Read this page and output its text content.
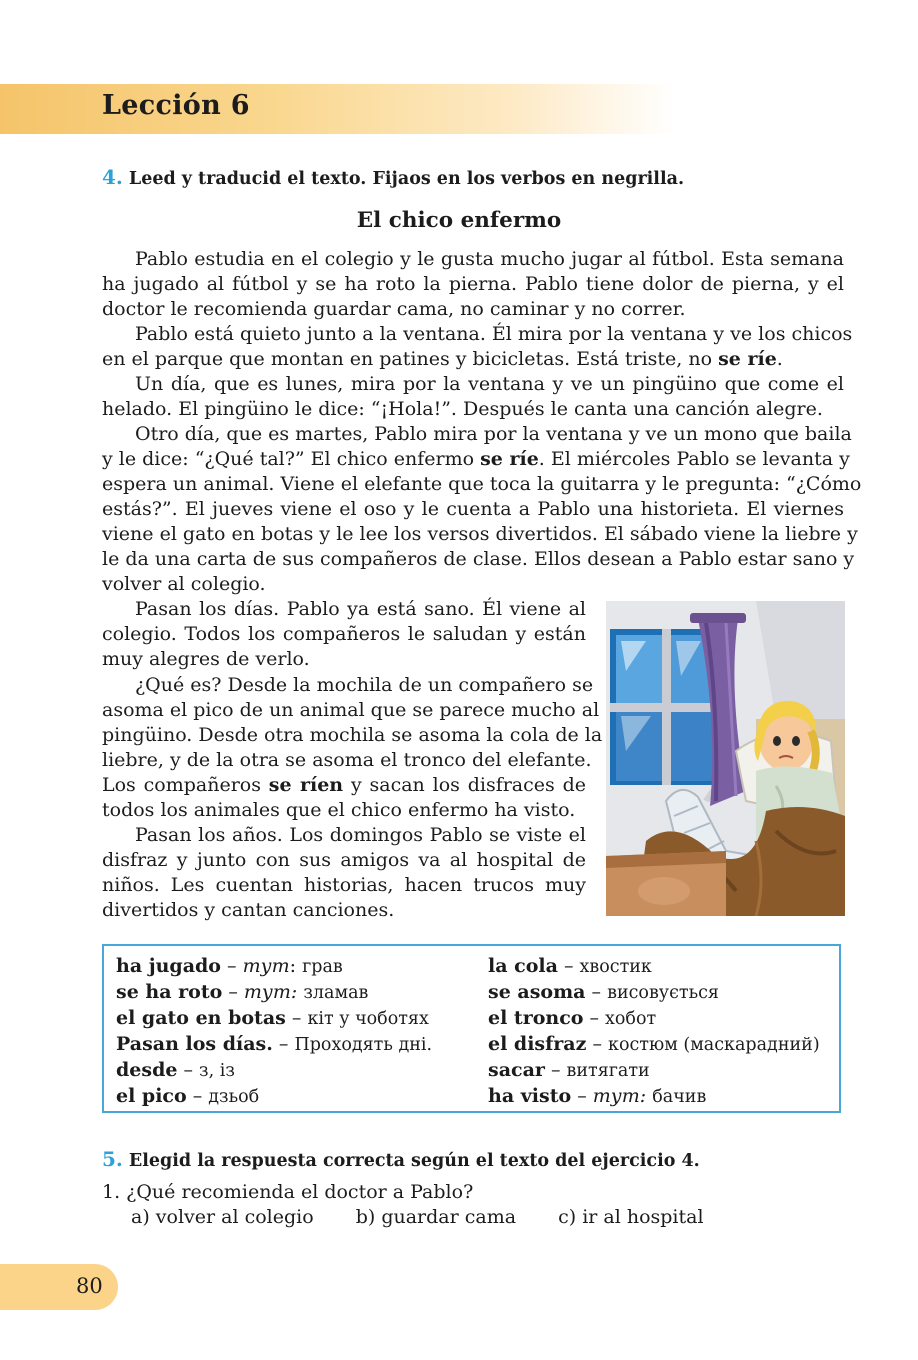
Lección 6
4. Leed y traducid el texto. Fijaos en los verbos en negrilla.
El chico enfermo
Pablo estudia en el colegio y le gusta mucho jugar al fútbol. Esta semana
ha jugado al fútbol y se ha roto la pierna. Pablo tiene dolor de pierna, y el
doctor le recomienda guardar cama, no caminar y no correr.
Pablo está quieto junto a la ventana. Él mira por la ventana y ve los chicos
en el parque que montan en patines y bicicletas. Está triste, no se ríe.
Un día, que es lunes, mira por la ventana y ve un pingüino que come el
helado. El pingüino le dice: “¡Hola!”. Después le canta una canción alegre.
Otro día, que es martes, Pablo mira por la ventana y ve un mono que baila
y le dice: “¿Qué tal?” El chico enfermo se ríe. El miércoles Pablo se levanta y
espera un animal. Viene el elefante que toca la guitarra y le pregunta: “¿Cómo
estás?”. El jueves viene el oso y le cuenta a Pablo una historieta. El viernes
viene el gato en botas y le lee los versos divertidos. El sábado viene la liebre y
le da una carta de sus compañeros de clase. Ellos desean a Pablo estar sano y
volver al colegio.
Pasan los días. Pablo ya está sano. Él viene al
colegio. Todos los compañeros le saludan y están
muy alegres de verlo.
¿Qué es? Desde la mochila de un compañero se
asoma el pico de un animal que se parece mucho al
pingüino. Desde otra mochila se asoma la cola de la
liebre, y de la otra se asoma el tronco del elefante.
Los compañeros se ríen y sacan los disfraces de
todos los animales que el chico enfermo ha visto.
Pasan los años. Los domingos Pablo se viste el
disfraz y junto con sus amigos va al hospital de
niños. Les cuentan historias, hacen trucos muy
divertidos y cantan canciones.
ha jugado – тут: грав
se ha roto – тут: зламав
el gato en botas – кіт у чоботях
Pasan los días. – Проходять дні.
desde – з, із
el pico – дзьоб
la cola – хвостик
se asoma – висовується
el tronco – хобот
el disfraz – костюм (маскарадний)
sacar – витягати
ha visto – тут: бачив
5. Elegid la respuesta correcta según el texto del ejercicio 4.
1. ¿Qué recomienda el doctor a Pablo?
a) volver al colegio b) guardar cama c) ir al hospital
80
